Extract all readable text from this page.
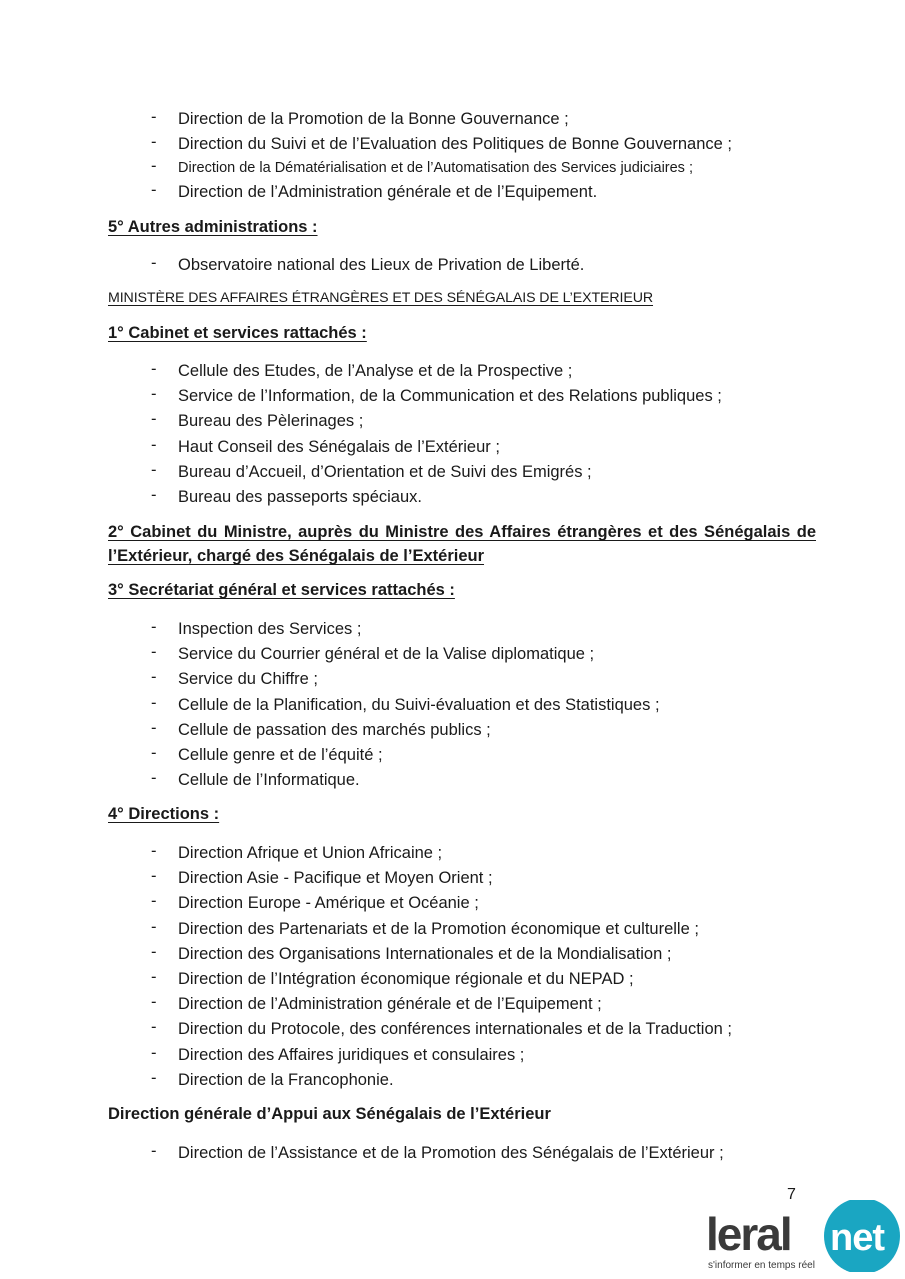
- Direction de la Promotion de la Bonne Gouvernance ;
- Direction du Suivi et de l’Evaluation des Politiques de Bonne Gouvernance ;
- Direction de la Dématérialisation et de l’Automatisation des Services judiciaires ;
- Direction de l’Administration générale et de l’Equipement.
5° Autres administrations :
- Observatoire national des Lieux de Privation de Liberté.
MINISTÈRE DES AFFAIRES ÉTRANGÈRES ET DES SÉNÉGALAIS DE L’EXTERIEUR
1° Cabinet et services rattachés :
- Cellule des Etudes, de l’Analyse et de la Prospective ;
- Service de l’Information, de la Communication et des Relations publiques ;
- Bureau des Pèlerinages ;
- Haut Conseil des Sénégalais de l’Extérieur ;
- Bureau d’Accueil, d’Orientation et de Suivi des Emigrés ;
- Bureau des passeports spéciaux.
2° Cabinet du Ministre, auprès du Ministre des Affaires étrangères et des Sénégalais de l’Extérieur, chargé des Sénégalais de l’Extérieur
3° Secrétariat général et services rattachés :
- Inspection des Services ;
- Service du Courrier général et de la Valise diplomatique ;
- Service du Chiffre ;
- Cellule de la Planification, du Suivi-évaluation et des Statistiques ;
- Cellule de passation des marchés publics ;
- Cellule genre et de l’équité ;
- Cellule de l’Informatique.
4° Directions :
- Direction Afrique et Union Africaine ;
- Direction Asie - Pacifique et Moyen Orient ;
- Direction Europe - Amérique et Océanie ;
- Direction des Partenariats et de la Promotion économique et culturelle ;
- Direction des Organisations Internationales et de la Mondialisation ;
- Direction de l’Intégration économique régionale et du NEPAD ;
- Direction de l’Administration générale et de l’Equipement ;
- Direction du Protocole, des conférences internationales et de la Traduction ;
- Direction des Affaires juridiques et consulaires ;
- Direction de la Francophonie.
Direction générale d’Appui aux Sénégalais de l’Extérieur
- Direction de l’Assistance et de la Promotion des Sénégalais de l’Extérieur ;
7
leral net
s'informer en temps réel
